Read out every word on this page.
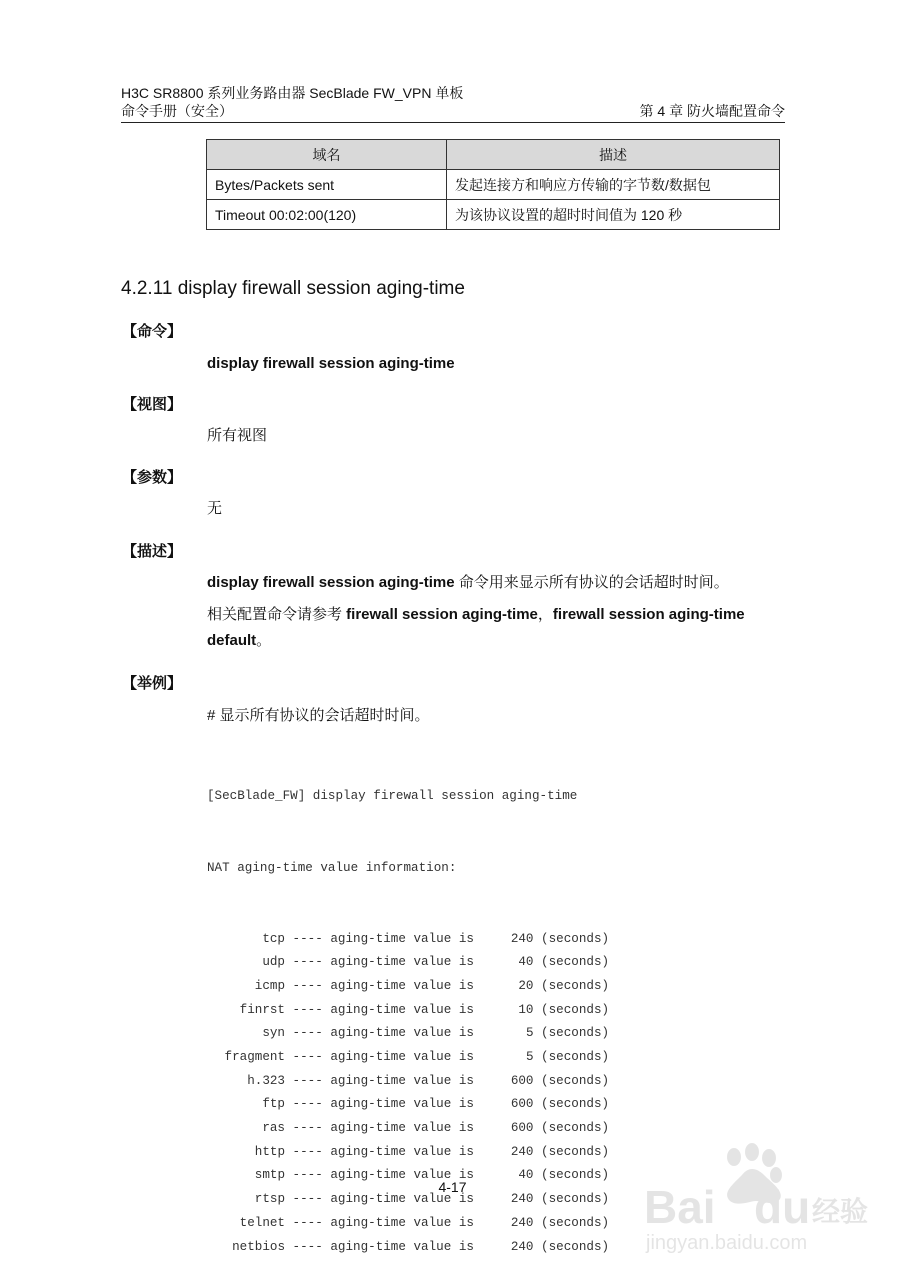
H3C SR8800 系列业务路由器 SecBlade FW_VPN 单板
命令手册（安全）	第 4 章 防火墙配置命令
域名	描述
Bytes/Packets sent	发起连接方和响应方传输的字节数/数据包
Timeout 00:02:00(120)	为该协议设置的超时时间值为 120 秒
4.2.11 display firewall session aging-time
【命令】
display firewall session aging-time
【视图】
所有视图
【参数】
无
【描述】
display firewall session aging-time 命令用来显示所有协议的会话超时时间。
相关配置命令请参考 firewall session aging-time，firewall session aging-time default。
【举例】
# 显示所有协议的会话超时时间。

[SecBlade_FW] display firewall session aging-time

NAT aging-time value information:

tcp ---- aging-time value is 240 (seconds)
udp ---- aging-time value is	40 (seconds)
icmp ---- aging-time value is	20 (seconds)
finrst ---- aging-time value is	10 (seconds)
syn ---- aging-time value is	5 (seconds)
fragment ---- aging-time value is	5 (seconds)
h.323 ---- aging-time value is 600 (seconds)
ftp ---- aging-time value is 600 (seconds)
ras ---- aging-time value is 600 (seconds)
http ---- aging-time value is 240 (seconds)
smtp ---- aging-time value is	40 (seconds)
rtsp ---- aging-time value is 240 (seconds)
telnet ---- aging-time value is 240 (seconds)
netbios ---- aging-time value is 240 (seconds)

4-17	Bai du 经验
jingyan.baidu.com
